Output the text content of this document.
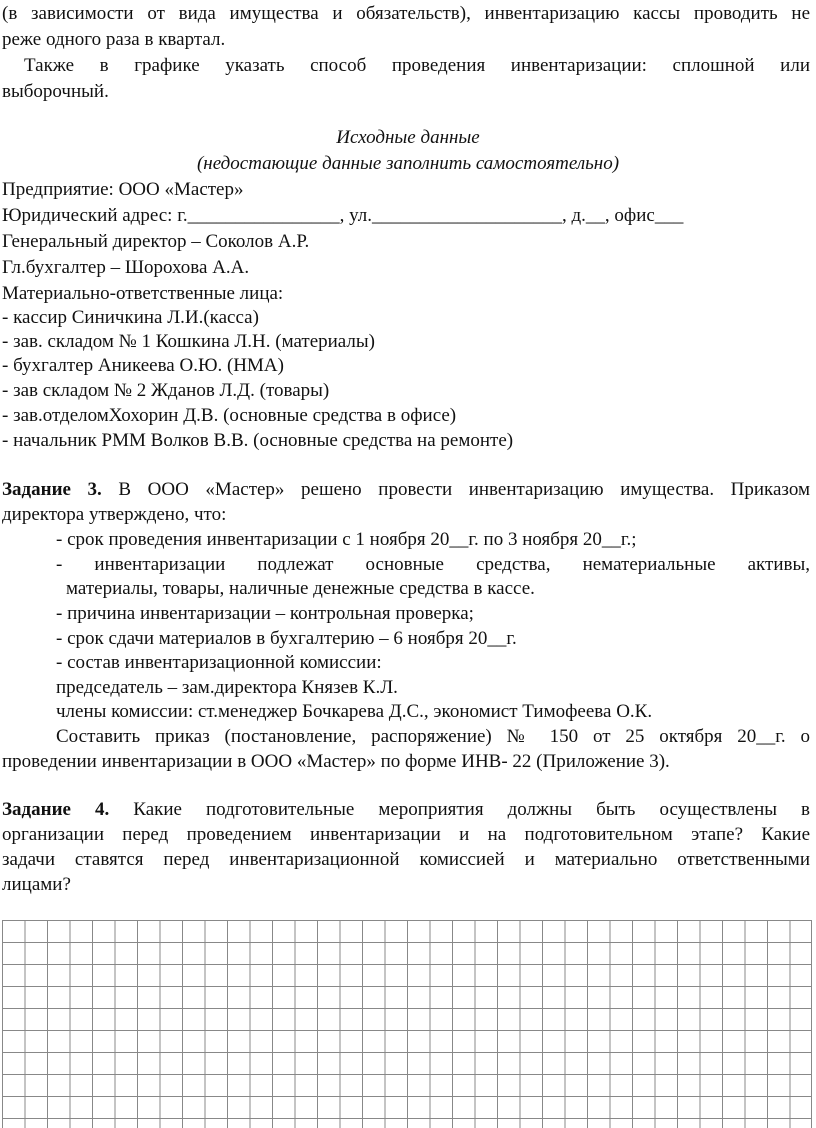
(в зависимости от вида имущества и обязательств), инвентаризацию кассы проводить не
реже одного раза в квартал.
Также в графике указать способ проведения инвентаризации: сплошной или
выборочный.
Исходные данные
(недостающие данные заполнить самостоятельно)
Предприятие: ООО «Мастер»
Юридический адрес: г.________________, ул.____________________, д.__, офис___
Генеральный директор – Соколов А.Р.
Гл.бухгалтер – Шорохова А.А.
Материально-ответственные лица:
- кассир Синичкина Л.И.(касса)
- зав. складом № 1 Кошкина Л.Н. (материалы)
- бухгалтер Аникеева О.Ю. (НМА)
- зав складом № 2 Жданов Л.Д. (товары)
- зав.отделомХохорин Д.В. (основные средства в офисе)
- начальник РММ Волков В.В. (основные средства на ремонте)
Задание 3. В ООО «Мастер» решено провести инвентаризацию имущества. Приказом
директора утверждено, что:
- срок проведения инвентаризации с 1 ноября 20__г. по 3 ноября 20__г.;
- инвентаризации подлежат основные средства, нематериальные активы,
материалы, товары, наличные денежные средства в кассе.
- причина инвентаризации – контрольная проверка;
- срок сдачи материалов в бухгалтерию – 6 ноября 20__г.
- состав инвентаризационной комиссии:
председатель – зам.директора Князев К.Л.
члены комиссии: ст.менеджер Бочкарева Д.С., экономист Тимофеева О.К.
Составить приказ (постановление, распоряжение) № 150 от 25 октября 20__г. о
проведении инвентаризации в ООО «Мастер» по форме ИНВ- 22 (Приложение 3).
Задание 4. Какие подготовительные мероприятия должны быть осуществлены в
организации перед проведением инвентаризации и на подготовительном этапе? Какие
задачи ставятся перед инвентаризационной комиссией и материально ответственными
лицами?
